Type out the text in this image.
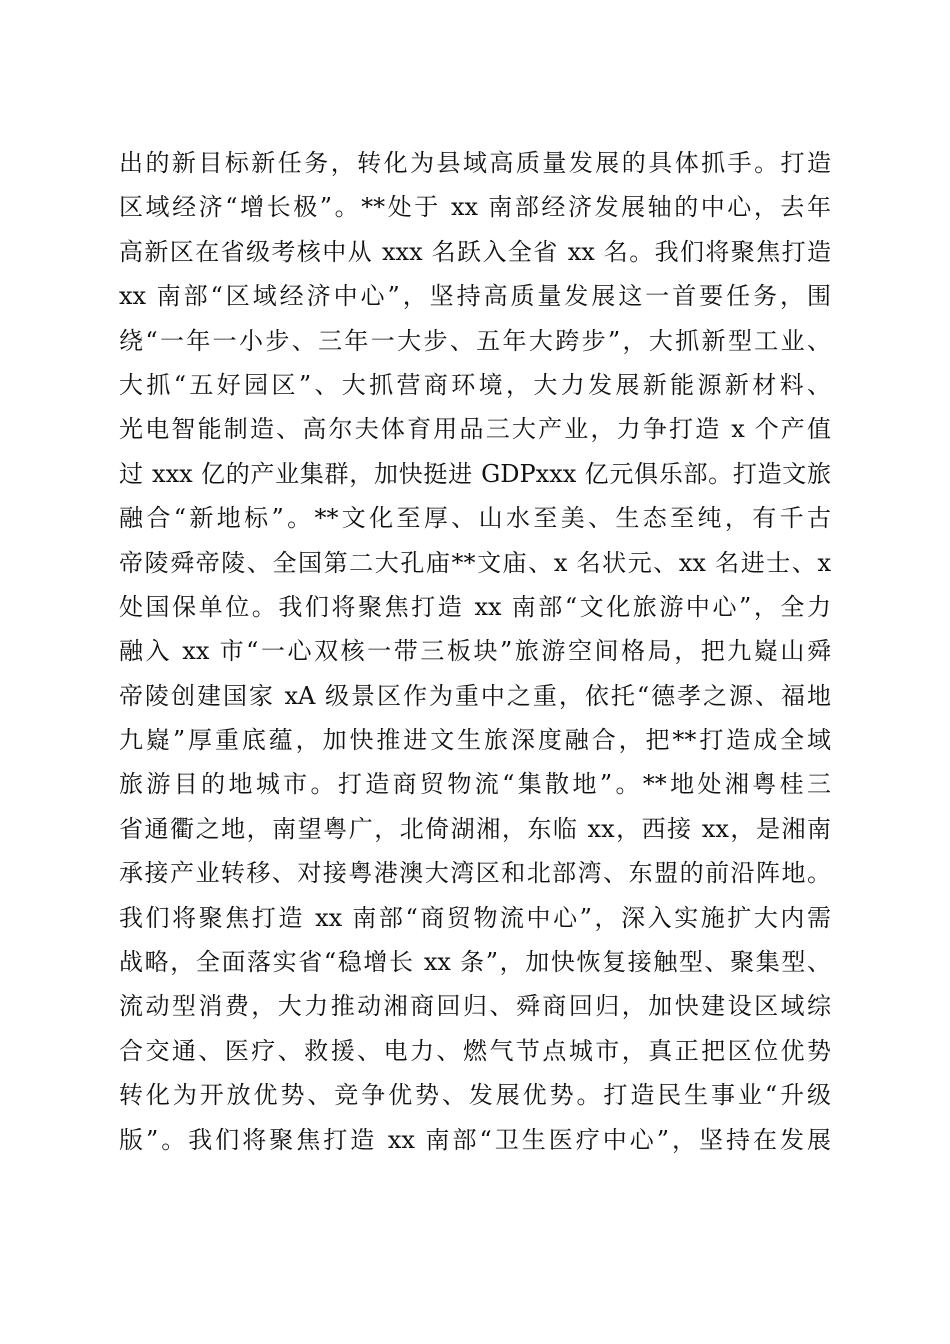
出的新目标新任务，转化为县域高质量发展的具体抓手。打造
区域经济“增长极”。**处于 xx 南部经济发展轴的中心，去年
高新区在省级考核中从 xxx 名跃入全省 xx 名。我们将聚焦打造
xx 南部“区域经济中心”，坚持高质量发展这一首要任务，围
绕“一年一小步、三年一大步、五年大跨步”，大抓新型工业、
大抓“五好园区”、大抓营商环境，大力发展新能源新材料、
光电智能制造、高尔夫体育用品三大产业，力争打造 x 个产值
过 xxx 亿的产业集群，加快挺进 GDPxxx 亿元俱乐部。打造文旅
融合“新地标”。**文化至厚、山水至美、生态至纯，有千古
帝陵舜帝陵、全国第二大孔庙**文庙、x 名状元、xx 名进士、x
处国保单位。我们将聚焦打造 xx 南部“文化旅游中心”，全力
融入 xx 市“一心双核一带三板块”旅游空间格局，把九嶷山舜
帝陵创建国家 xA 级景区作为重中之重，依托“德孝之源、福地
九嶷”厚重底蕴，加快推进文生旅深度融合，把**打造成全域
旅游目的地城市。打造商贸物流“集散地”。**地处湘粤桂三
省通衢之地，南望粤广，北倚湖湘，东临 xx，西接 xx，是湘南
承接产业转移、对接粤港澳大湾区和北部湾、东盟的前沿阵地。
我们将聚焦打造 xx 南部“商贸物流中心”，深入实施扩大内需
战略，全面落实省“稳增长 xx 条”，加快恢复接触型、聚集型、
流动型消费，大力推动湘商回归、舜商回归，加快建设区域综
合交通、医疗、救援、电力、燃气节点城市，真正把区位优势
转化为开放优势、竞争优势、发展优势。打造民生事业“升级
版”。我们将聚焦打造 xx 南部“卫生医疗中心”，坚持在发展
